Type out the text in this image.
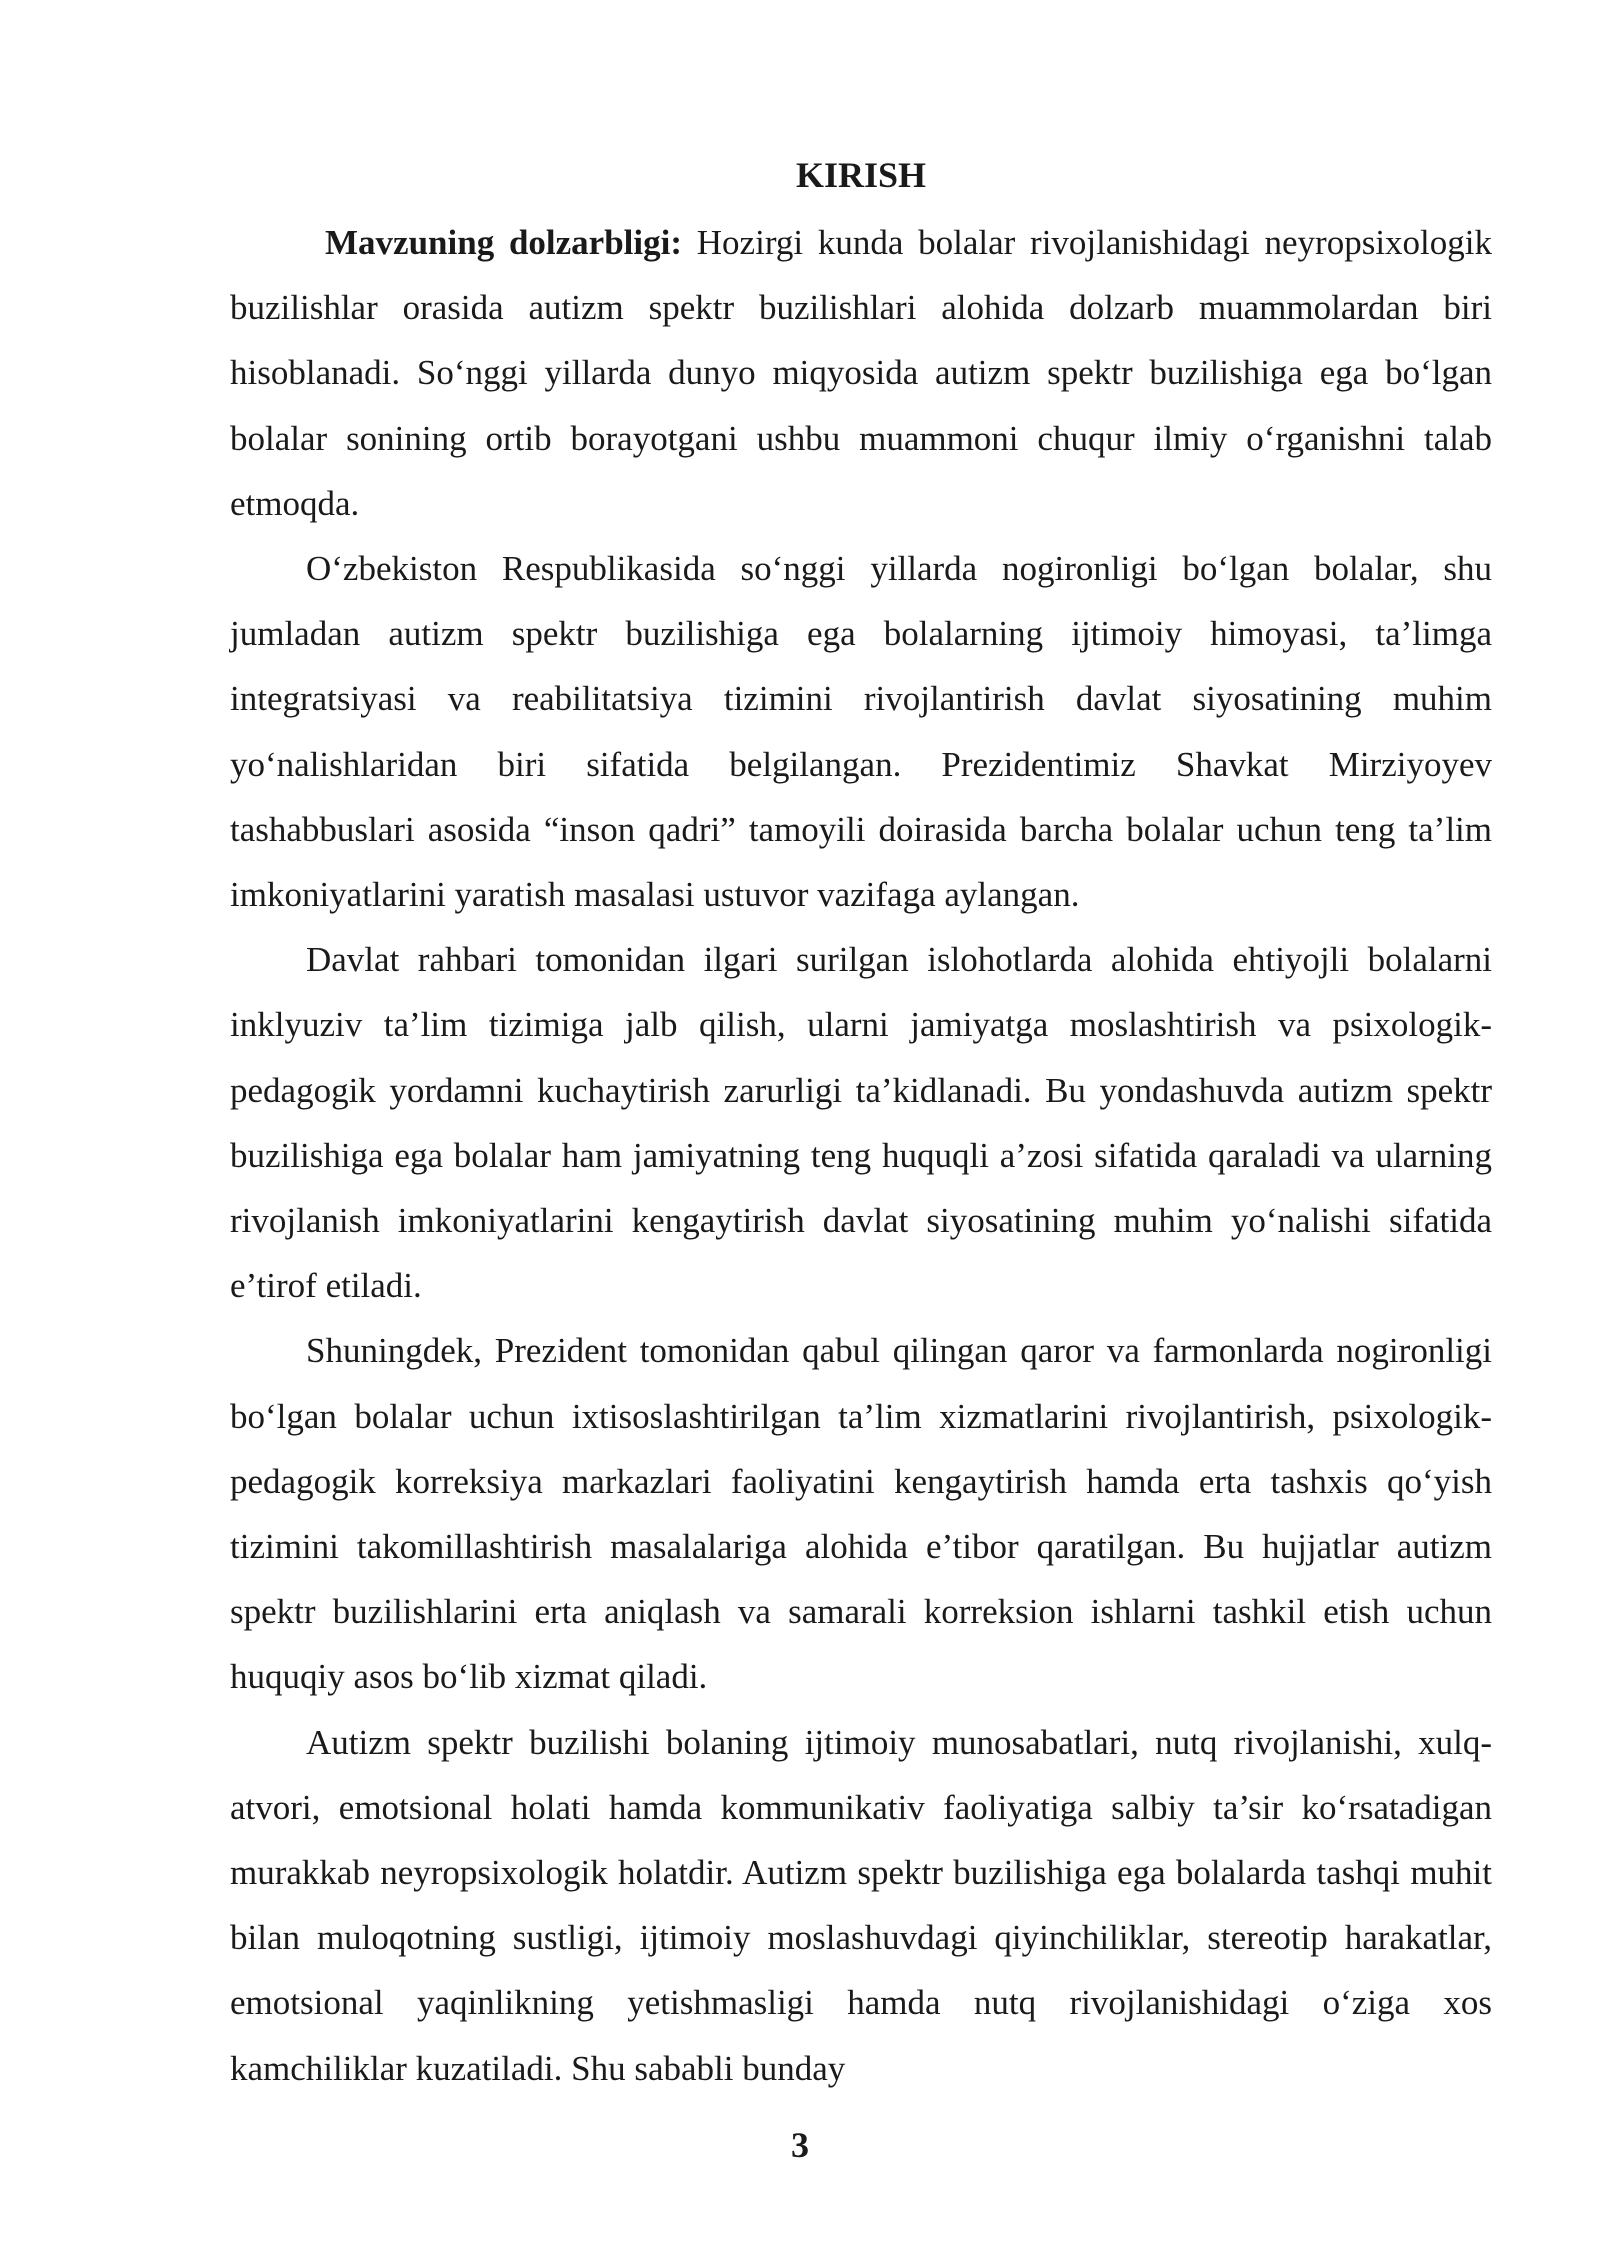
KIRISH

Mavzuning dolzarbligi: Hozirgi kunda bolalar rivojlanishidagi neyropsixologik buzilishlar orasida autizm spektr buzilishlari alohida dolzarb muammolardan biri hisoblanadi. So‘nggi yillarda dunyo miqyosida autizm spektr buzilishiga ega bo‘lgan bolalar sonining ortib borayotgani ushbu muammoni chuqur ilmiy o‘rganishni talab etmoqda.

O‘zbekiston Respublikasida so‘nggi yillarda nogironligi bo‘lgan bolalar, shu jumladan autizm spektr buzilishiga ega bolalarning ijtimoiy himoyasi, ta’limga integratsiyasi va reabilitatsiya tizimini rivojlantirish davlat siyosatining muhim yo‘nalishlaridan biri sifatida belgilangan. Prezidentimiz Shavkat Mirziyoyev tashabbuslari asosida “inson qadri” tamoyili doirasida barcha bolalar uchun teng ta’lim imkoniyatlarini yaratish masalasi ustuvor vazifaga aylangan.

Davlat rahbari tomonidan ilgari surilgan islohotlarda alohida ehtiyojli bolalarni inklyuziv ta’lim tizimiga jalb qilish, ularni jamiyatga moslashtirish va psixologik-pedagogik yordamni kuchaytirish zarurligi ta’kidlanadi. Bu yondashuvda autizm spektr buzilishiga ega bolalar ham jamiyatning teng huquqli a’zosi sifatida qaraladi va ularning rivojlanish imkoniyatlarini kengaytirish davlat siyosatining muhim yo‘nalishi sifatida e’tirof etiladi.

Shuningdek, Prezident tomonidan qabul qilingan qaror va farmonlarda nogironligi bo‘lgan bolalar uchun ixtisoslashtirilgan ta’lim xizmatlarini rivojlantirish, psixologik-pedagogik korreksiya markazlari faoliyatini kengaytirish hamda erta tashxis qo‘yish tizimini takomillashtirish masalalariga alohida e’tibor qaratilgan. Bu hujjatlar autizm spektr buzilishlarini erta aniqlash va samarali korreksion ishlarni tashkil etish uchun huquqiy asos bo‘lib xizmat qiladi.

Autizm spektr buzilishi bolaning ijtimoiy munosabatlari, nutq rivojlanishi, xulq-atvori, emotsional holati hamda kommunikativ faoliyatiga salbiy ta’sir ko‘rsatadigan murakkab neyropsixologik holatdir. Autizm spektr buzilishiga ega bolalarda tashqi muhit bilan muloqotning sustligi, ijtimoiy moslashuvdagi qiyinchiliklar, stereotip harakatlar, emotsional yaqinlikning yetishmasligi hamda nutq rivojlanishidagi o‘ziga xos kamchiliklar kuzatiladi. Shu sababli bunday

3
